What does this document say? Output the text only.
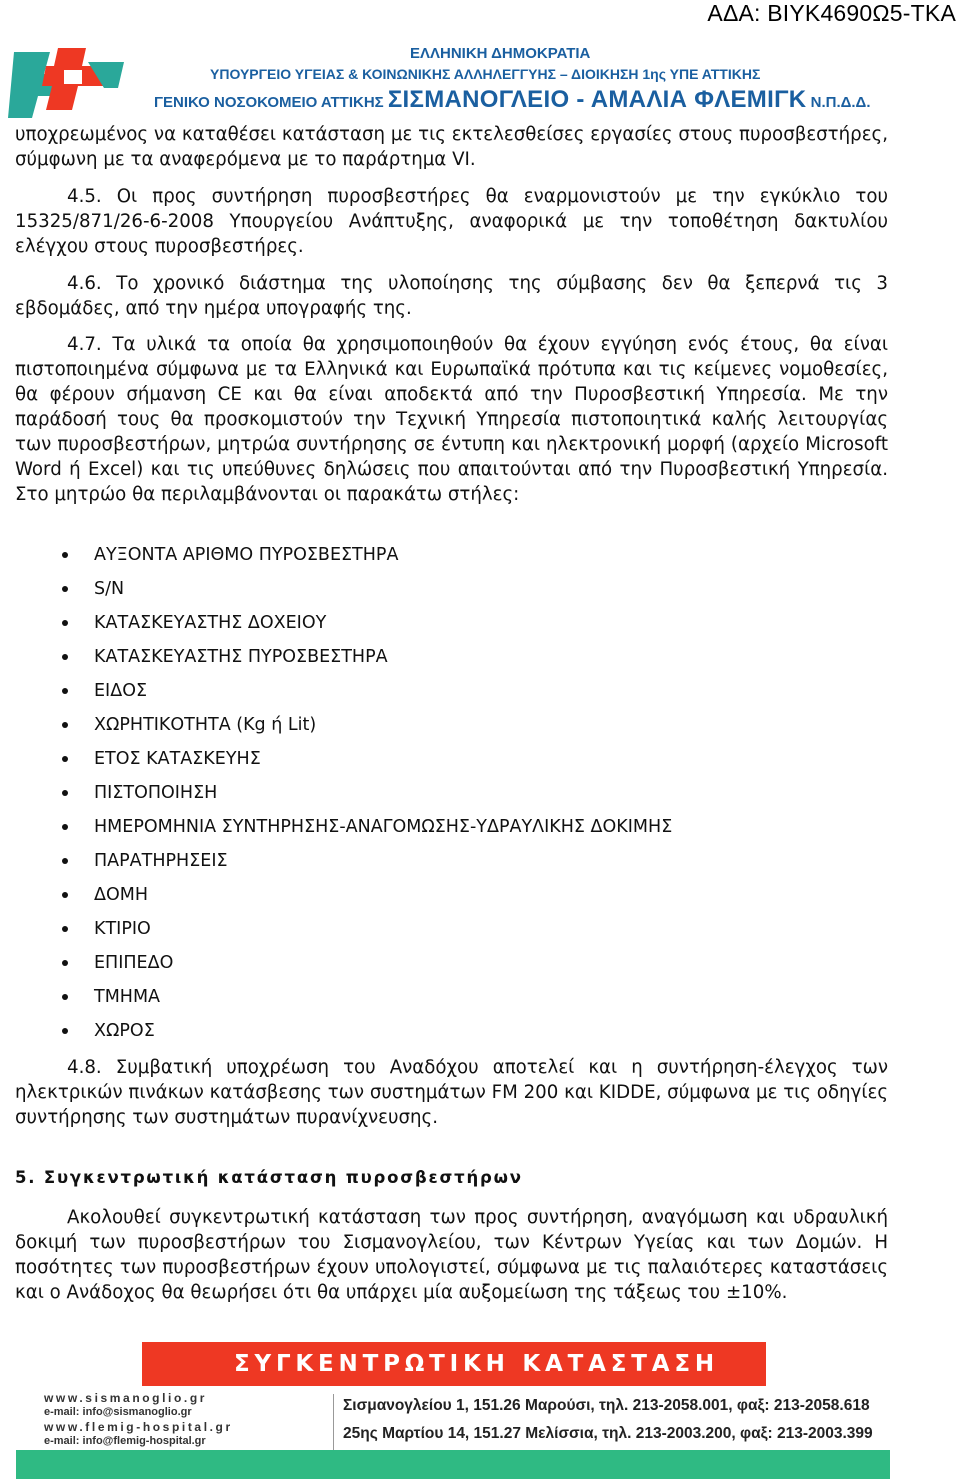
ΑΔΑ: ΒΙΥΚ4690Ω5-ΤΚΑ
ΕΛΛΗΝΙΚΗ ΔΗΜΟΚΡΑΤΙΑ
ΥΠΟΥΡΓΕΙΟ ΥΓΕΙΑΣ & ΚΟΙΝΩΝΙΚΗΣ ΑΛΛΗΛΕΓΓΥΗΣ – ΔΙΟΙΚΗΣΗ 1ης ΥΠΕ ΑΤΤΙΚΗΣ
ΓΕΝΙΚΟ ΝΟΣΟΚΟΜΕΙΟ ΑΤΤΙΚΗΣ ΣΙΣΜΑΝΟΓΛΕΙΟ - ΑΜΑΛΙΑ ΦΛΕΜΙΓΚ Ν.Π.Δ.Δ.
υποχρεωμένος να καταθέσει κατάσταση με τις εκτελεσθείσες εργασίες στους πυροσβεστήρες, σύμφωνη με τα αναφερόμενα με το παράρτημα VI.
4.5. Οι προς συντήρηση πυροσβεστήρες θα εναρμονιστούν με την εγκύκλιο του 15325/871/26-6-2008 Υπουργείου Ανάπτυξης, αναφορικά με την τοποθέτηση δακτυλίου ελέγχου στους πυροσβεστήρες.
4.6. Το χρονικό διάστημα της υλοποίησης της σύμβασης δεν θα ξεπερνά τις 3 εβδομάδες, από την ημέρα υπογραφής της.
4.7. Τα υλικά τα οποία θα χρησιμοποιηθούν θα έχουν εγγύηση ενός έτους, θα είναι πιστοποιημένα σύμφωνα με τα Ελληνικά και Ευρωπαϊκά πρότυπα και τις κείμενες νομοθεσίες, θα φέρουν σήμανση CE και θα είναι αποδεκτά από την Πυροσβεστική Υπηρεσία. Με την παράδοσή τους θα προσκομιστούν την Τεχνική Υπηρεσία πιστοποιητικά καλής λειτουργίας των πυροσβεστήρων, μητρώα συντήρησης σε έντυπη και ηλεκτρονική μορφή (αρχείο Microsoft Word ή Excel) και τις υπεύθυνες δηλώσεις που απαιτούνται από την Πυροσβεστική Υπηρεσία. Στο μητρώο θα περιλαμβάνονται οι παρακάτω στήλες:
ΑΥΞΟΝΤΑ ΑΡΙΘΜΟ ΠΥΡΟΣΒΕΣΤΗΡΑ
S/N
ΚΑΤΑΣΚΕΥΑΣΤΗΣ ΔΟΧΕΙΟΥ
ΚΑΤΑΣΚΕΥΑΣΤΗΣ ΠΥΡΟΣΒΕΣΤΗΡΑ
ΕΙΔΟΣ
ΧΩΡΗΤΙΚΟΤΗΤΑ (Kg ή Lit)
ΕΤΟΣ ΚΑΤΑΣΚΕΥΗΣ
ΠΙΣΤΟΠΟΙΗΣΗ
ΗΜΕΡΟΜΗΝΙΑ ΣΥΝΤΗΡΗΣΗΣ-ΑΝΑΓΟΜΩΣΗΣ-ΥΔΡΑΥΛΙΚΗΣ ΔΟΚΙΜΗΣ
ΠΑΡΑΤΗΡΗΣΕΙΣ
ΔΟΜΗ
ΚΤΙΡΙΟ
ΕΠΙΠΕΔΟ
ΤΜΗΜΑ
ΧΩΡΟΣ
4.8. Συμβατική υποχρέωση του Αναδόχου αποτελεί και η συντήρηση-έλεγχος των ηλεκτρικών πινάκων κατάσβεσης των συστημάτων FM 200 και KIDDE, σύμφωνα με τις οδηγίες συντήρησης των συστημάτων πυρανίχνευσης.
5. Συγκεντρωτική κατάσταση πυροσβεστήρων
Ακολουθεί συγκεντρωτική κατάσταση των προς συντήρηση, αναγόμωση και υδραυλική δοκιμή των πυροσβεστήρων του Σισμανογλείου, των Κέντρων Υγείας και των Δομών. Η ποσότητες των πυροσβεστήρων έχουν υπολογιστεί, σύμφωνα με τις παλαιότερες καταστάσεις και ο Ανάδοχος θα θεωρήσει ότι θα υπάρχει μία αυξομείωση της τάξεως του ±10%.
ΣΥΓΚΕΝΤΡΩΤΙΚΗ ΚΑΤΑΣΤΑΣΗ
www.sismanoglio.gr
e-mail: info@sismanoglio.gr
www.flemig-hospital.gr
e-mail: info@flemig-hospital.gr
Σισμανογλείου 1, 151.26 Μαρούσι, τηλ. 213-2058.001, φαξ: 213-2058.618
25ης Μαρτίου 14, 151.27 Μελίσσια, τηλ. 213-2003.200, φαξ: 213-2003.399
